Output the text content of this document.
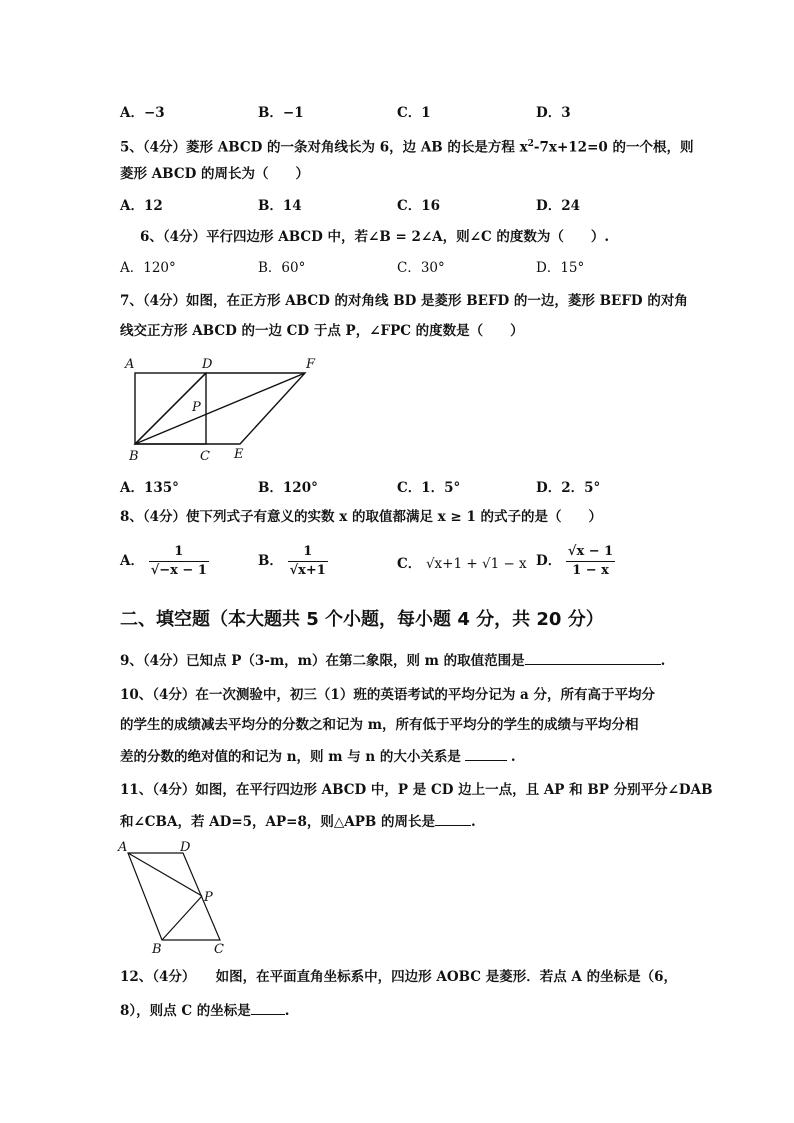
A．−3	B．−1	C．1	D．3
5、（4分）菱形 ABCD 的一条对角线长为 6，边 AB 的长是方程 $x^2-7x+12=0$ 的一个根，则
菱形 ABCD 的周长为（　　）
A．12	B．14	C．16	D．24
6、（4分）平行四边形 ABCD 中，若∠B = 2∠A，则∠C 的度数为（　　）.
A．120°	B．60°	C．30°	D．15°
7、（4分）如图，在正方形 ABCD 的对角线 BD 是菱形 BEFD 的一边，菱形 BEFD 的对角
线交正方形 ABCD 的一边 CD 于点 P，∠FPC 的度数是（　　）
A	D	F
P
B	C E
A．135°	B．120°	C．1．5°	D．2．5°
8、（4分）使下列式子有意义的实数 x 的取值都满足 x ≥ 1 的式子的是（　　）
A． $\frac{1}{√-x - 1}$	B． $\frac{1}{√x+1}$	C． √x+1 + √1 − x D． $\frac{√x - 1}{1 - x}$
二、填空题（本大题共 5 个小题，每小题 4 分，共 20 分）
9、（4分）已知点 P（3-m，m）在第二象限，则 m 的取值范围是	.
10、（4分）在一次测验中，初三（1）班的英语考试的平均分记为 a 分，所有高于平均分
的学生的成绩减去平均分的分数之和记为 m，所有低于平均分的学生的成绩与平均分相
差的分数的绝对值的和记为 n，则 m 与 n 的大小关系是	.
11、（4分）如图，在平行四边形 ABCD 中，P 是 CD 边上一点，且 AP 和 BP 分别平分∠DAB
和∠CBA，若 AD=5，AP=8，则△APB 的周长是	.
A	D
P
B	C
12、（4分）　　如图，在平面直角坐标系中，四边形 AOBC 是菱形．若点 A 的坐标是（6，
8），则点 C 的坐标是	.
